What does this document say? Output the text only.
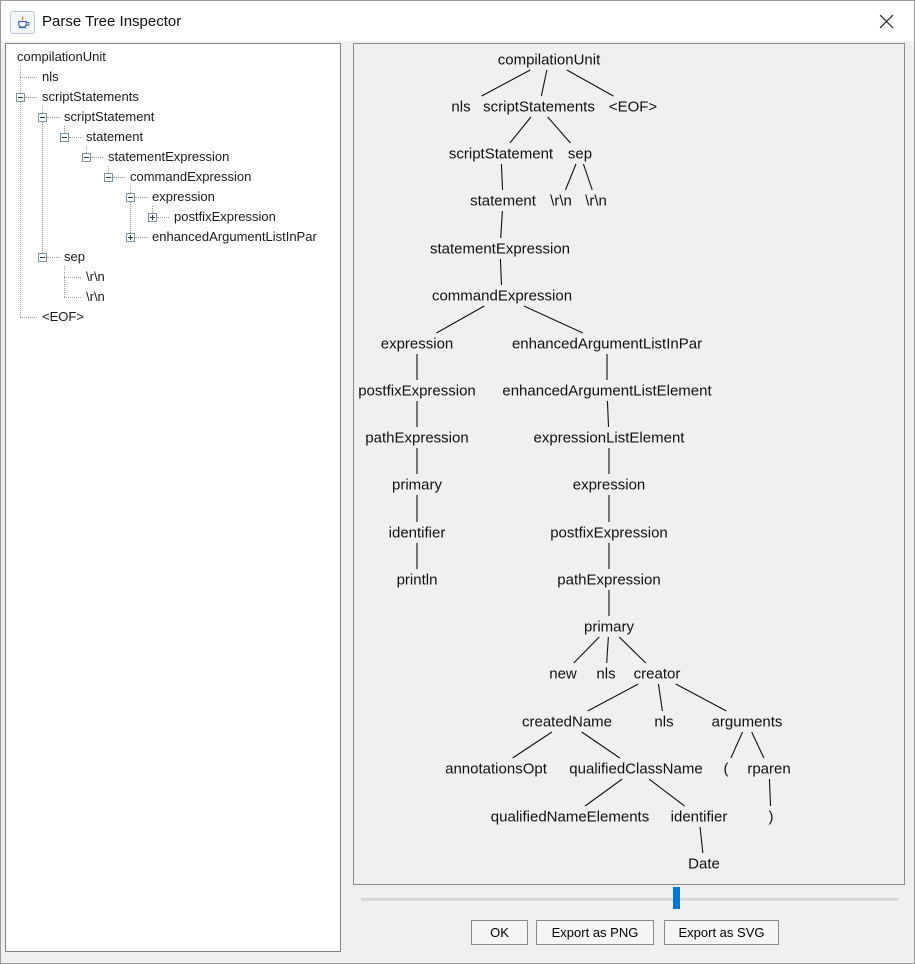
Parse Tree Inspector
compilationUnit
nls
scriptStatements
scriptStatement
statement
statementExpression
commandExpression
expression
postfixExpression
enhancedArgumentListInPar
sep
\r\n
\r\n
<EOF>
compilationUnit
nls scriptStatements <EOF>
scriptStatement sep
statement \r\n \r\n
statementExpression
commandExpression
expression	enhancedArgumentListInPar
postfixExpression enhancedArgumentListElement
pathExpression	expressionListElement
primary	expression
identifier	postfixExpression
println	pathExpression
primary
new nls creator
createdName	nls	arguments
annotationsOpt qualifiedClassName ( rparen
qualifiedNameElements identifier	)
Date
OK	Export as PNG	Export as SVG
